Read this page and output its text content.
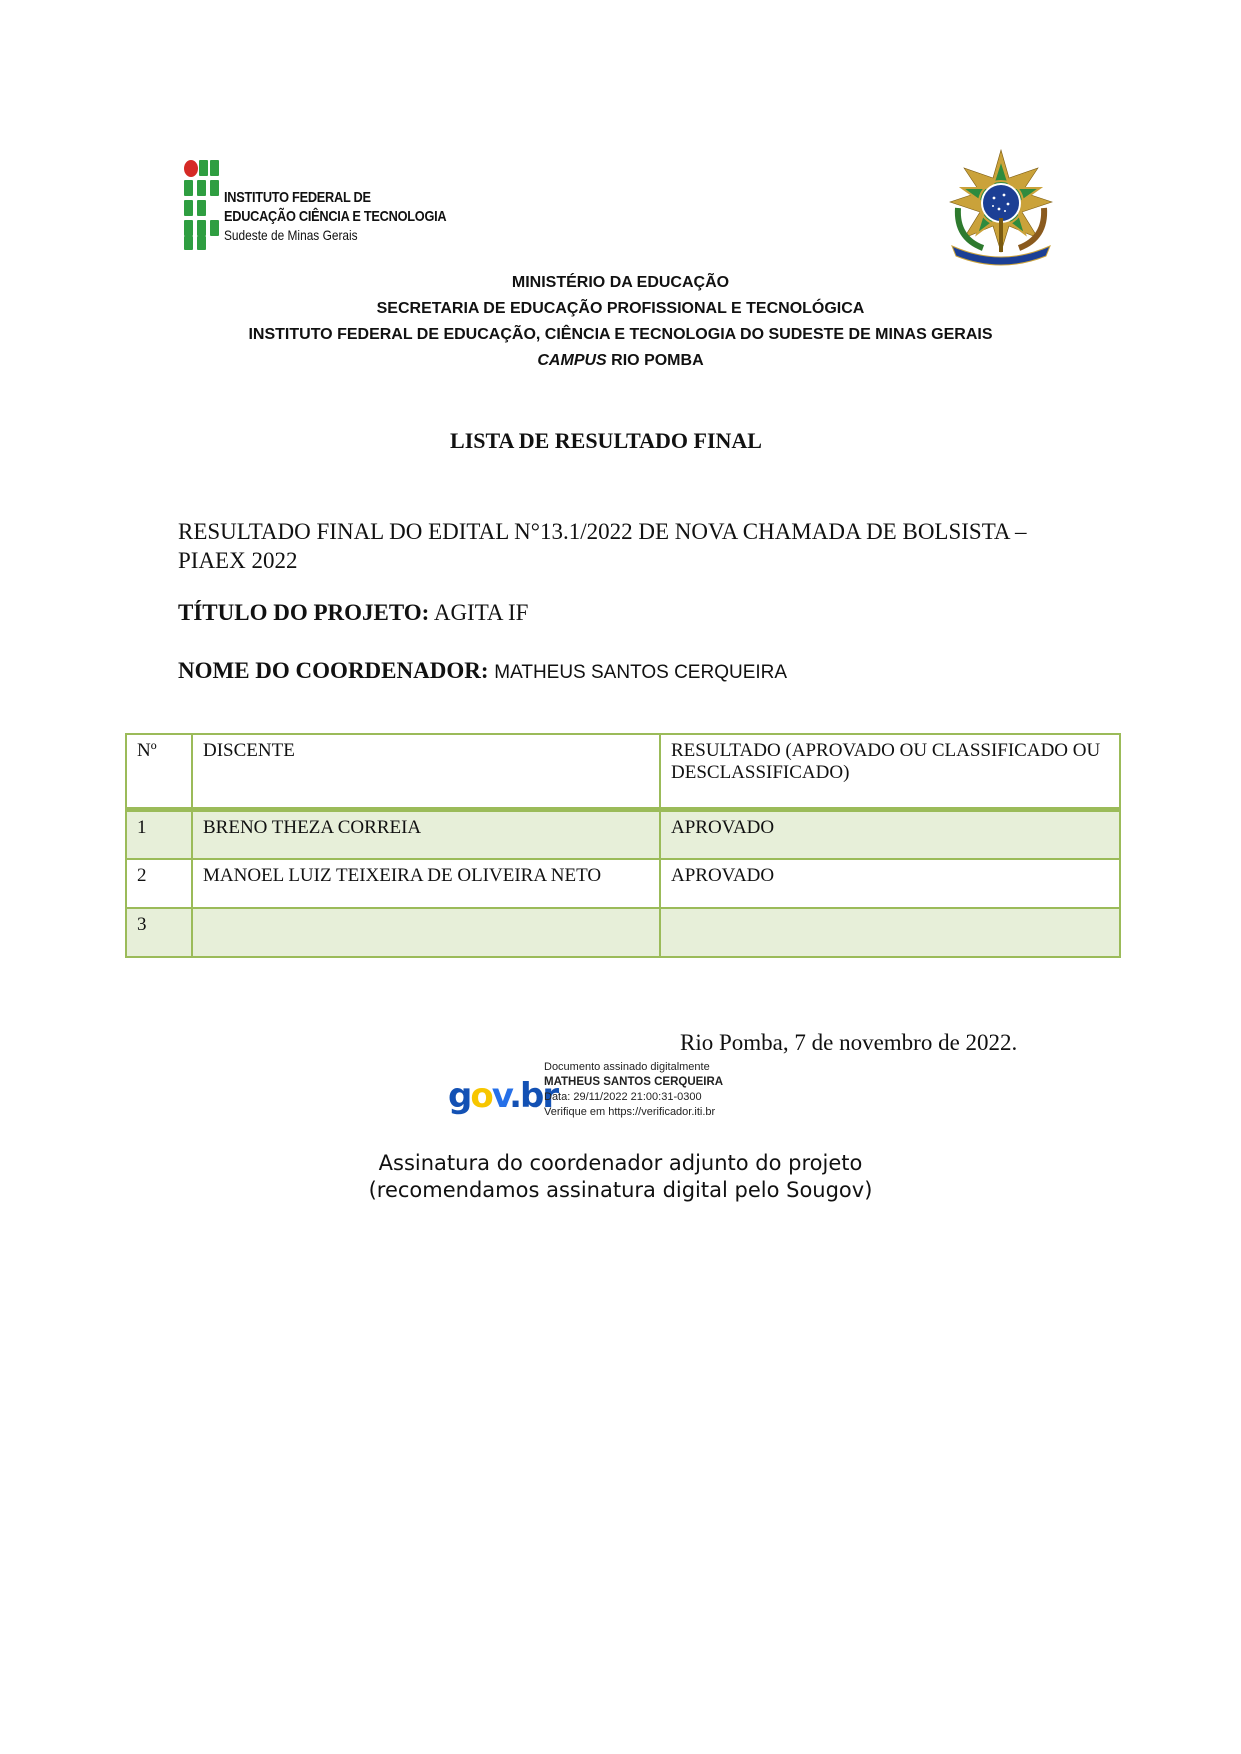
INSTITUTO FEDERAL DE
EDUCAÇÃO CIÊNCIA E TECNOLOGIA
Sudeste de Minas Gerais
MINISTÉRIO DA EDUCAÇÃO
SECRETARIA DE EDUCAÇÃO PROFISSIONAL E TECNOLÓGICA
INSTITUTO FEDERAL DE EDUCAÇÃO, CIÊNCIA E TECNOLOGIA DO SUDESTE DE MINAS GERAIS
CAMPUS RIO POMBA
LISTA DE RESULTADO FINAL
RESULTADO FINAL DO EDITAL N°13.1/2022 DE NOVA CHAMADA DE BOLSISTA – PIAEX 2022
TÍTULO DO PROJETO: AGITA IF
NOME DO COORDENADOR: MATHEUS SANTOS CERQUEIRA
Nº	DISCENTE	RESULTADO (APROVADO OU CLASSIFICADO OU DESCLASSIFICADO)
1	BRENO THEZA CORREIA	APROVADO
2	MANOEL LUIZ TEIXEIRA DE OLIVEIRA NETO	APROVADO
3		
Rio Pomba, 7 de novembro de 2022.
gov.br
Documento assinado digitalmente
MATHEUS SANTOS CERQUEIRA
Data: 29/11/2022 21:00:31-0300
Verifique em https://verificador.iti.br
Assinatura do coordenador adjunto do projeto
(recomendamos assinatura digital pelo Sougov)
